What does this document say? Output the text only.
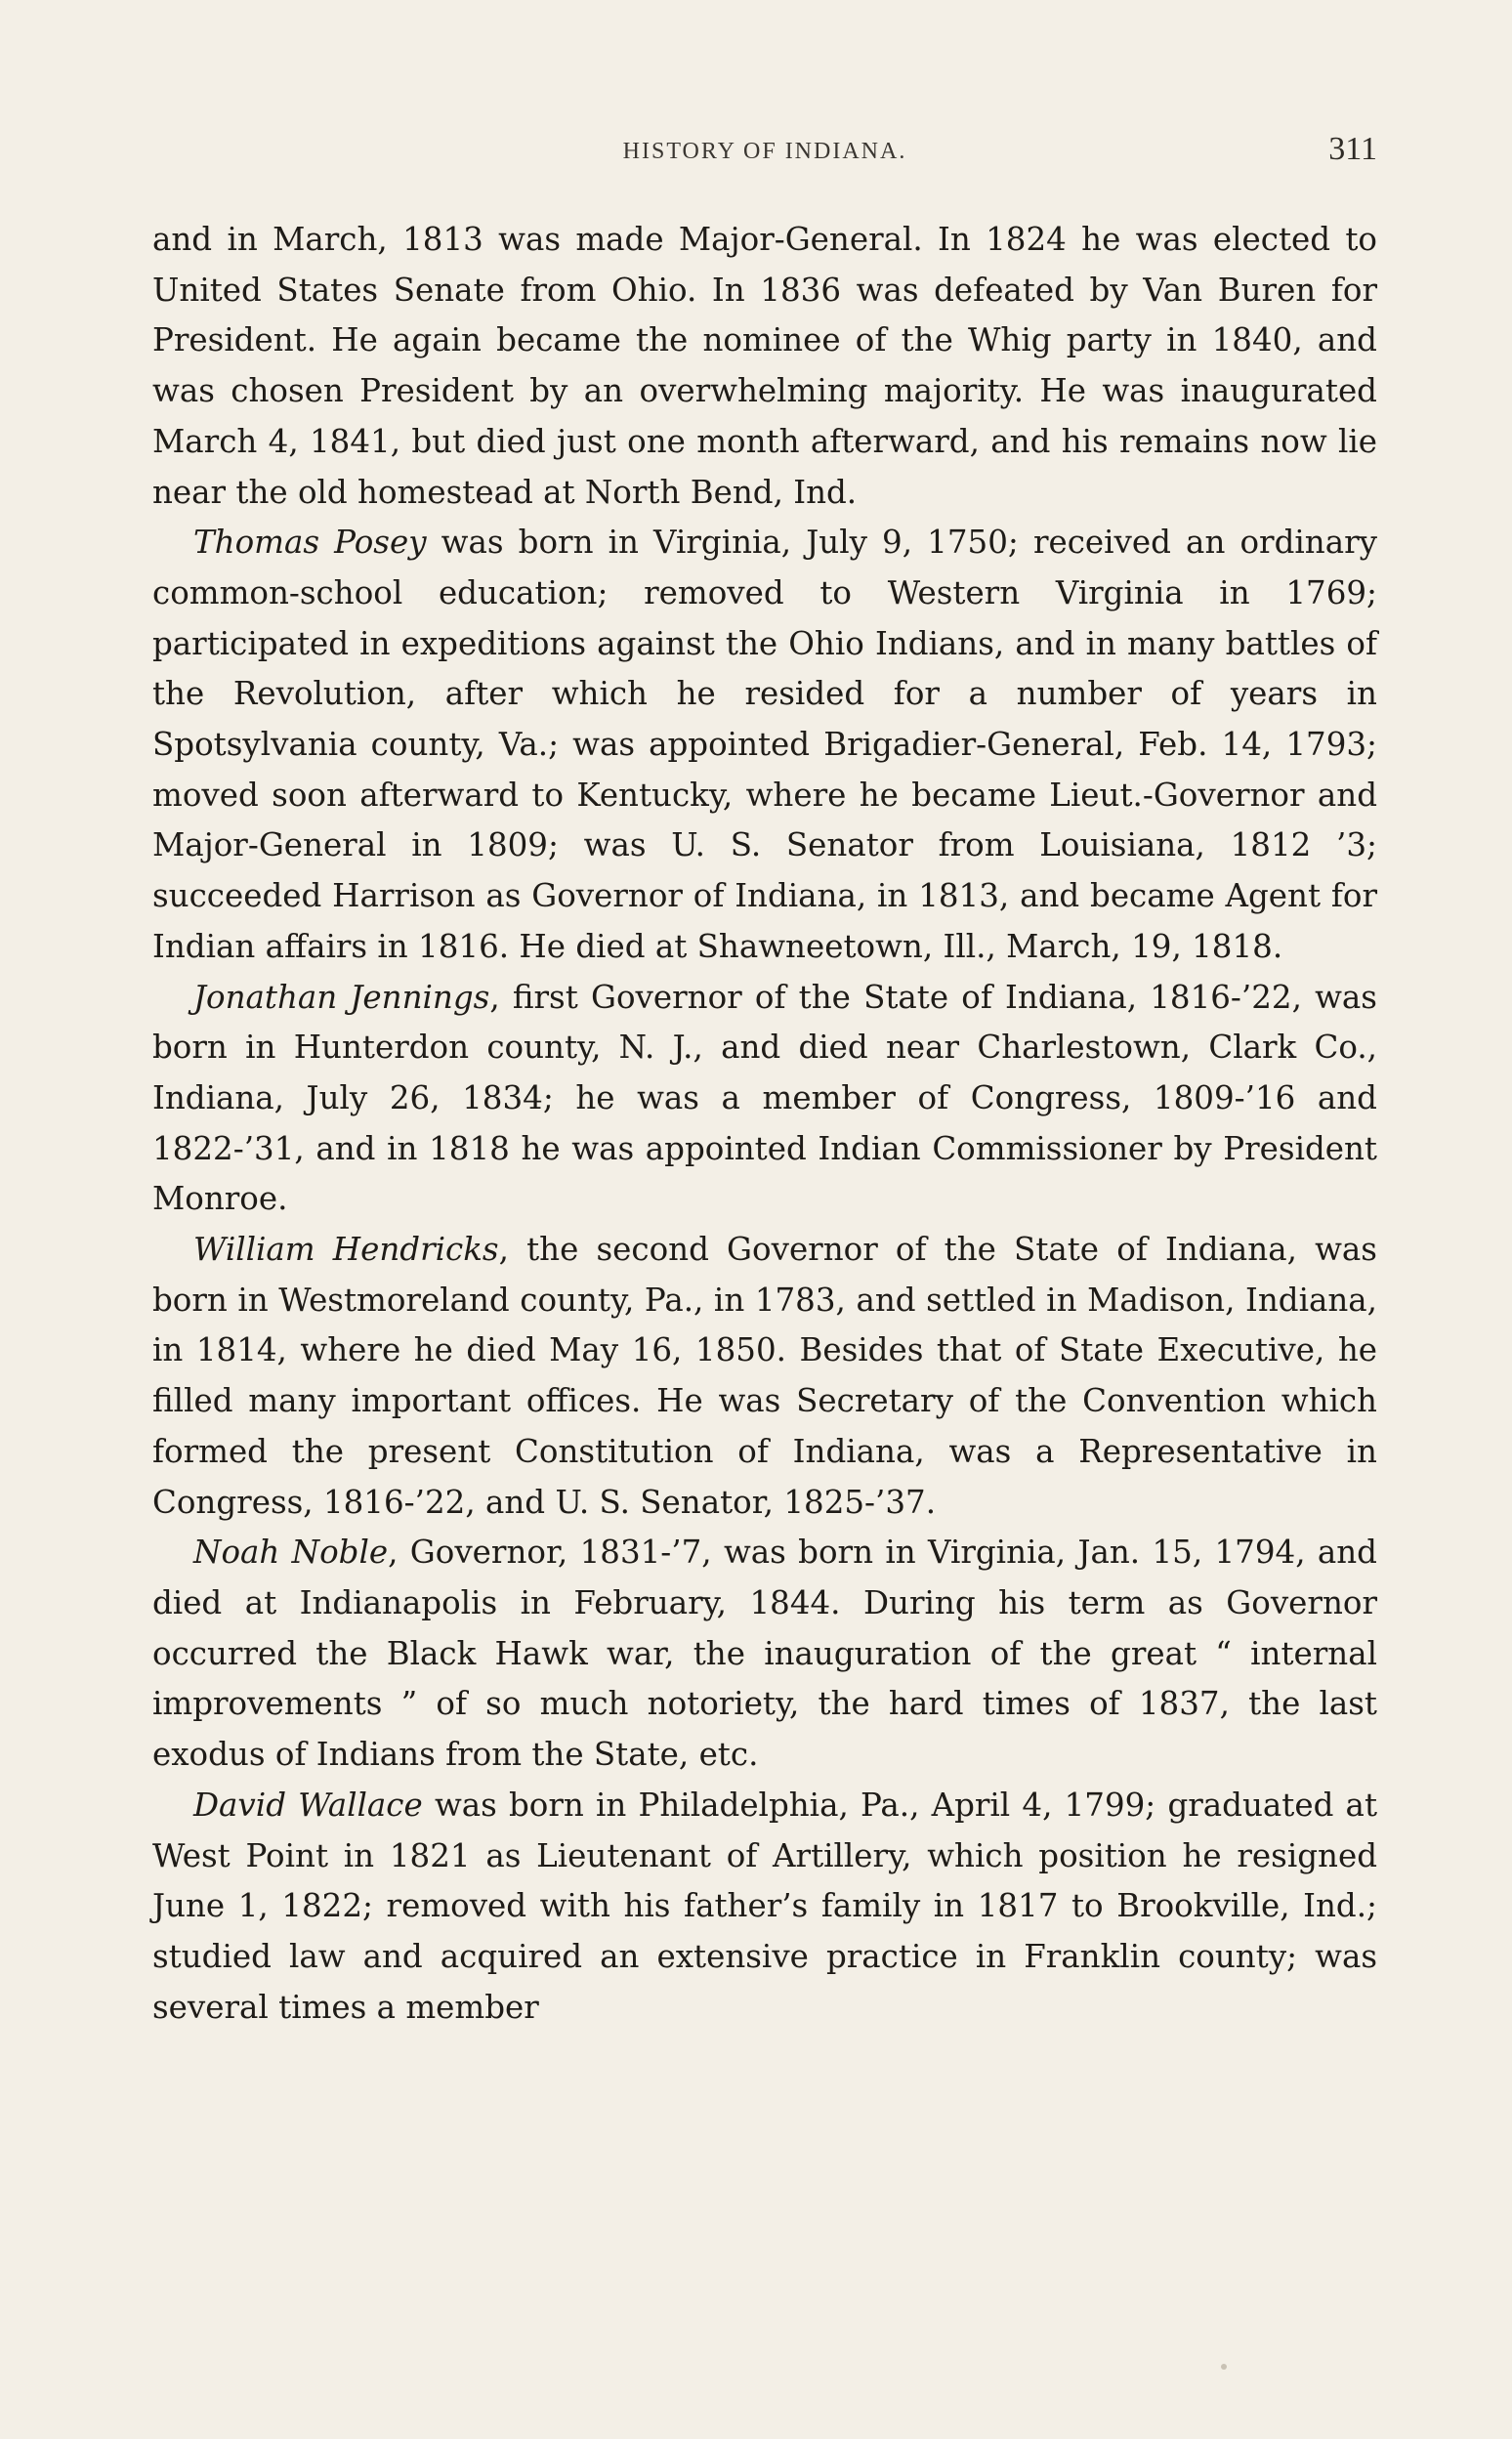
HISTORY OF INDIANA.	311

and in March, 1813 was made Major-General. In 1824 he was elected to United States Senate from Ohio. In 1836 was defeated by Van Buren for President. He again became the nominee of the Whig party in 1840, and was chosen President by an overwhelming majority. He was inaugurated March 4, 1841, but died just one month afterward, and his remains now lie near the old homestead at North Bend, Ind.

Thomas Posey was born in Virginia, July 9, 1750; received an ordinary common-school education; removed to Western Virginia in 1769; participated in expeditions against the Ohio Indians, and in many battles of the Revolution, after which he resided for a number of years in Spotsylvania county, Va.; was appointed Brigadier-General, Feb. 14, 1793; moved soon afterward to Kentucky, where he became Lieut.-Governor and Major-General in 1809; was U. S. Senator from Louisiana, 1812 ’3; succeeded Harrison as Governor of Indiana, in 1813, and became Agent for Indian affairs in 1816. He died at Shawneetown, Ill., March, 19, 1818.

Jonathan Jennings, first Governor of the State of Indiana, 1816-’22, was born in Hunterdon county, N. J., and died near Charlestown, Clark Co., Indiana, July 26, 1834; he was a member of Congress, 1809-’16 and 1822-’31, and in 1818 he was appointed Indian Commissioner by President Monroe.

William Hendricks, the second Governor of the State of Indiana, was born in Westmoreland county, Pa., in 1783, and settled in Madison, Indiana, in 1814, where he died May 16, 1850. Besides that of State Executive, he filled many important offices. He was Secretary of the Convention which formed the present Constitution of Indiana, was a Representative in Congress, 1816-’22, and U. S. Senator, 1825-’37.

Noah Noble, Governor, 1831-’7, was born in Virginia, Jan. 15, 1794, and died at Indianapolis in February, 1844. During his term as Governor occurred the Black Hawk war, the inauguration of the great “ internal improvements ” of so much notoriety, the hard times of 1837, the last exodus of Indians from the State, etc.

David Wallace was born in Philadelphia, Pa., April 4, 1799; graduated at West Point in 1821 as Lieutenant of Artillery, which position he resigned June 1, 1822; removed with his father’s family in 1817 to Brookville, Ind.; studied law and acquired an extensive practice in Franklin county; was several times a member
